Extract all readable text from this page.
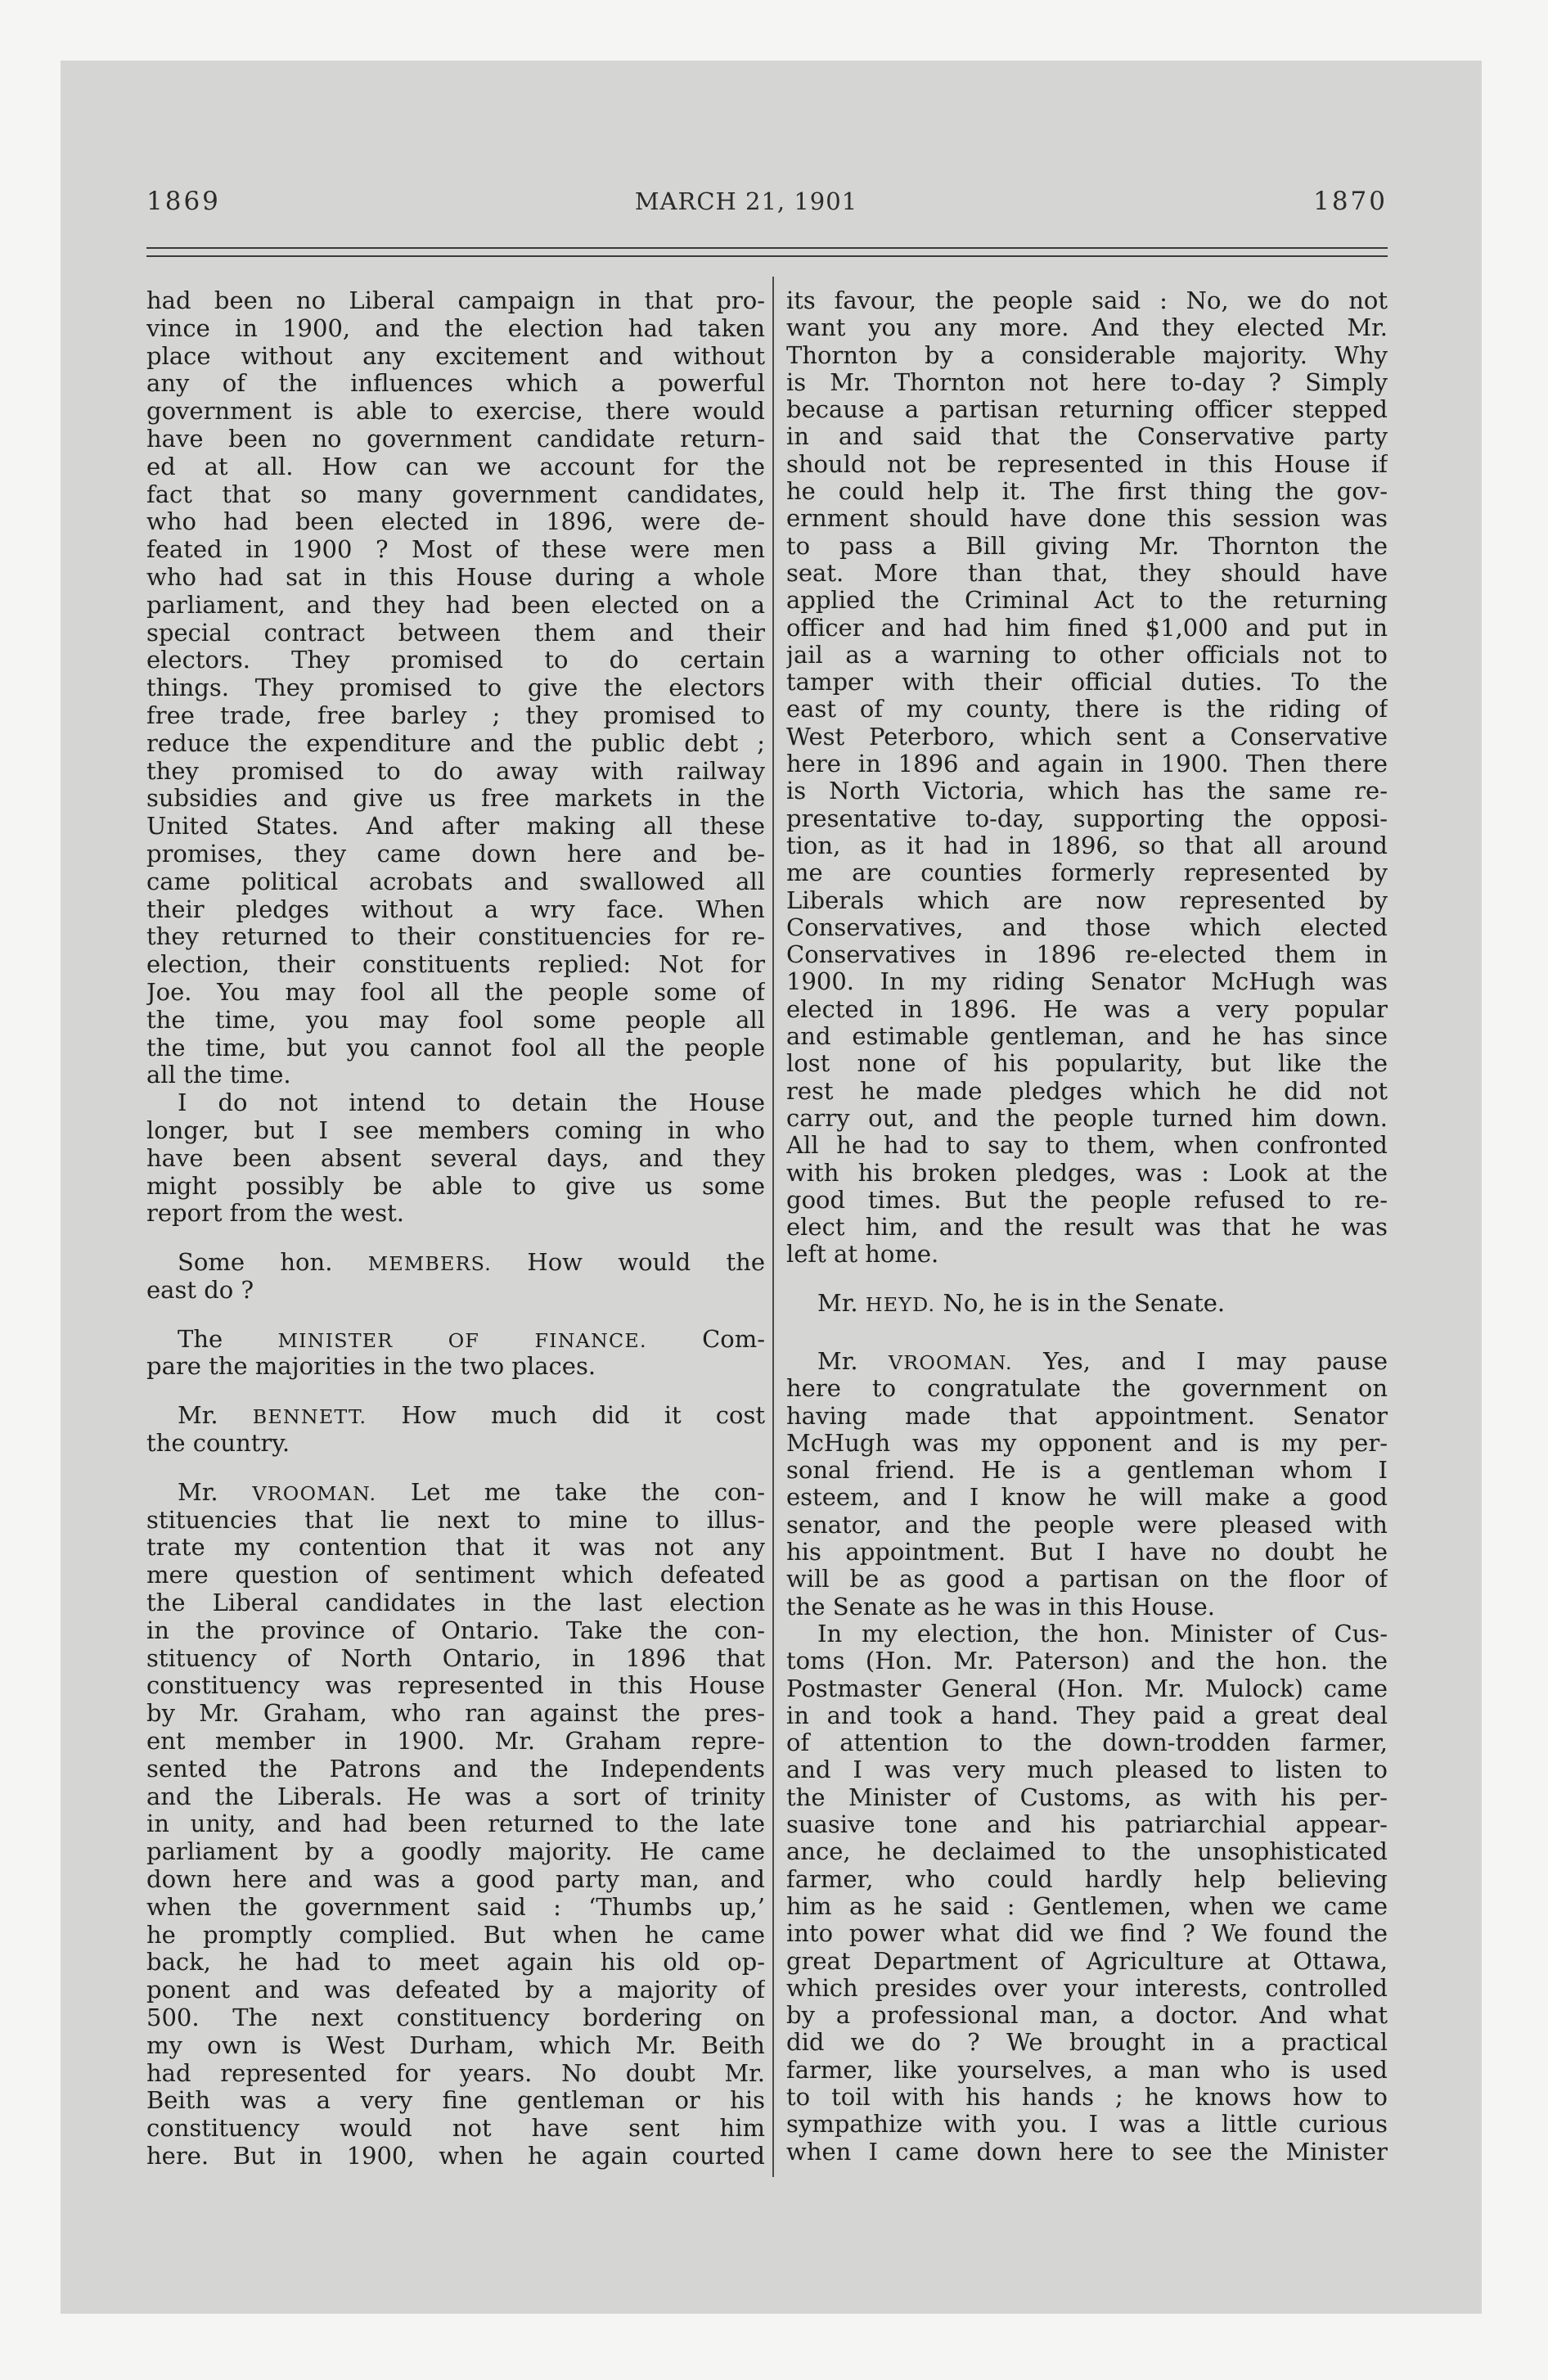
1869	MARCH 21, 1901	1870
had been no Liberal campaign in that pro-
vince in 1900, and the election had taken
place without any excitement and without
any of the influences which a powerful
government is able to exercise, there would
have been no government candidate return-
ed at all. How can we account for the
fact that so many government candidates,
who had been elected in 1896, were de-
feated in 1900 ? Most of these were men
who had sat in this House during a whole
parliament, and they had been elected on a
special contract between them and their
electors. They promised to do certain
things. They promised to give the electors
free trade, free barley ; they promised to
reduce the expenditure and the public debt ;
they promised to do away with railway
subsidies and give us free markets in the
United States. And after making all these
promises, they came down here and be-
came political acrobats and swallowed all
their pledges without a wry face. When
they returned to their constituencies for re-
election, their constituents replied: Not for
Joe. You may fool all the people some of
the time, you may fool some people all
the time, but you cannot fool all the people
all the time.
I do not intend to detain the House
longer, but I see members coming in who
have been absent several days, and they
might possibly be able to give us some
report from the west.
Some hon. MEMBERS. How would the
east do ?
The	MINISTER	OF	FINANCE. Com-
pare the majorities in the two places.
Mr. BENNETT. How much did it cost
the country.
Mr. VROOMAN. Let me take the con-
stituencies that lie next to mine to illus-
trate my contention that it was not any
mere question of sentiment which defeated
the Liberal candidates in the last election
in the province of Ontario. Take the con-
stituency of North Ontario, in 1896 that
constituency was represented in this House
by Mr. Graham, who ran against the pres-
ent member in 1900. Mr. Graham repre-
sented the Patrons and the Independents
and the Liberals. He was a sort of trinity
in unity, and had been returned to the late
parliament by a goodly majority. He came
down here and was a good party man, and
when the government said : ‘Thumbs up,’
he promptly complied. But when he came
back, he had to meet again his old op-
ponent and was defeated by a majority of
500. The next constituency bordering on
my own is West Durham, which Mr. Beith
had represented for years. No doubt Mr.
Beith was a very fine gentleman or his
constituency would not have sent him
here. But in 1900, when he again courted
its favour, the people said : No, we do not
want you any more. And they elected Mr.
Thornton by a considerable majority. Why
is Mr. Thornton not here to-day ? Simply
because a partisan returning officer stepped
in and said that the Conservative party
should not be represented in this House if
he could help it. The first thing the gov-
ernment should have done this session was
to pass a Bill giving Mr. Thornton the
seat. More than that, they should have
applied the Criminal Act to the returning
officer and had him fined $1,000 and put in
jail as a warning to other officials not to
tamper with their official duties. To the
east of my county, there is the riding of
West Peterboro, which sent a Conservative
here in 1896 and again in 1900. Then there
is North Victoria, which has the same re-
presentative to-day, supporting the opposi-
tion, as it had in 1896, so that all around
me are counties formerly represented by
Liberals which are now represented by
Conservatives, and those which elected
Conservatives in 1896 re-elected them in
1900. In my riding Senator McHugh was
elected in 1896. He was a very popular
and estimable gentleman, and he has since
lost none of his popularity, but like the
rest he made pledges which he did not
carry out, and the people turned him down.
All he had to say to them, when confronted
with his broken pledges, was : Look at the
good times. But the people refused to re-
elect him, and the result was that he was
left at home.
Mr. HEYD. No, he is in the Senate.
Mr. VROOMAN. Yes, and I may pause
here to congratulate the government on
having made that appointment. Senator
McHugh was my opponent and is my per-
sonal friend. He is a gentleman whom I
esteem, and I know he will make a good
senator, and the people were pleased with
his appointment. But I have no doubt he
will be as good a partisan on the floor of
the Senate as he was in this House.
In my election, the hon. Minister of Cus-
toms (Hon. Mr. Paterson) and the hon. the
Postmaster General (Hon. Mr. Mulock) came
in and took a hand. They paid a great deal
of attention to the down-trodden farmer,
and I was very much pleased to listen to
the Minister of Customs, as with his per-
suasive tone and his patriarchial appear-
ance, he declaimed to the unsophisticated
farmer, who could hardly help believing
him as he said : Gentlemen, when we came
into power what did we find ? We found the
great Department of Agriculture at Ottawa,
which presides over your interests, controlled
by a professional man, a doctor. And what
did we do ? We brought in a practical
farmer, like yourselves, a man who is used
to toil with his hands ; he knows how to
sympathize with you. I was a little curious
when I came down here to see the Minister
